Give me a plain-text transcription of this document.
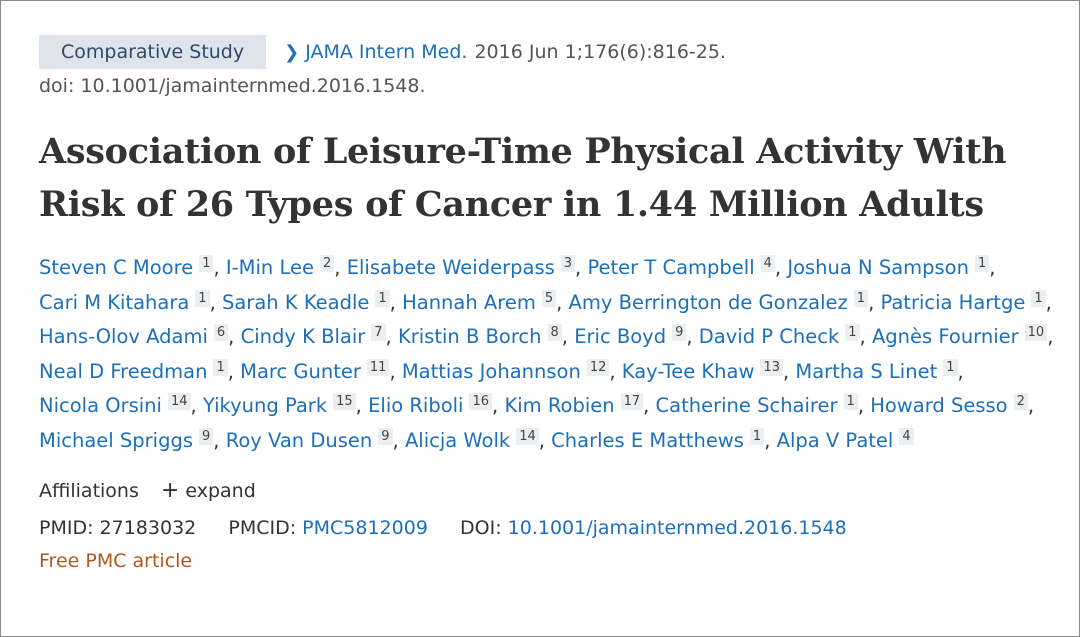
Comparative Study	❯ JAMA Intern Med. 2016 Jun 1;176(6):816-25.
doi: 10.1001/jamainternmed.2016.1548.
Association of Leisure-Time Physical Activity With
Risk of 26 Types of Cancer in 1.44 Million Adults
Steven C Moore 1 , I-Min Lee 2 , Elisabete Weiderpass 3 , Peter T Campbell 4 , Joshua N Sampson 1 , Cari M Kitahara 1 , Sarah K Keadle 1 , Hannah Arem 5 , Amy Berrington de Gonzalez 1 , Patricia Hartge 1 , Hans-Olov Adami 6 , Cindy K Blair 7 , Kristin B Borch 8 , Eric Boyd 9 , David P Check 1 , Agnès Fournier 10 , Neal D Freedman 1 , Marc Gunter 11 , Mattias Johannson 12 , Kay-Tee Khaw 13 , Martha S Linet 1 , Nicola Orsini 14 , Yikyung Park 15 , Elio Riboli 16 , Kim Robien 17 , Catherine Schairer 1 , Howard Sesso 2 , Michael Spriggs 9 , Roy Van Dusen 9 , Alicja Wolk 14 , Charles E Matthews 1 , Alpa V Patel 4
Affiliations + expand
PMID: 27183032 PMCID: PMC5812009 DOI: 10.1001/jamainternmed.2016.1548
Free PMC article
